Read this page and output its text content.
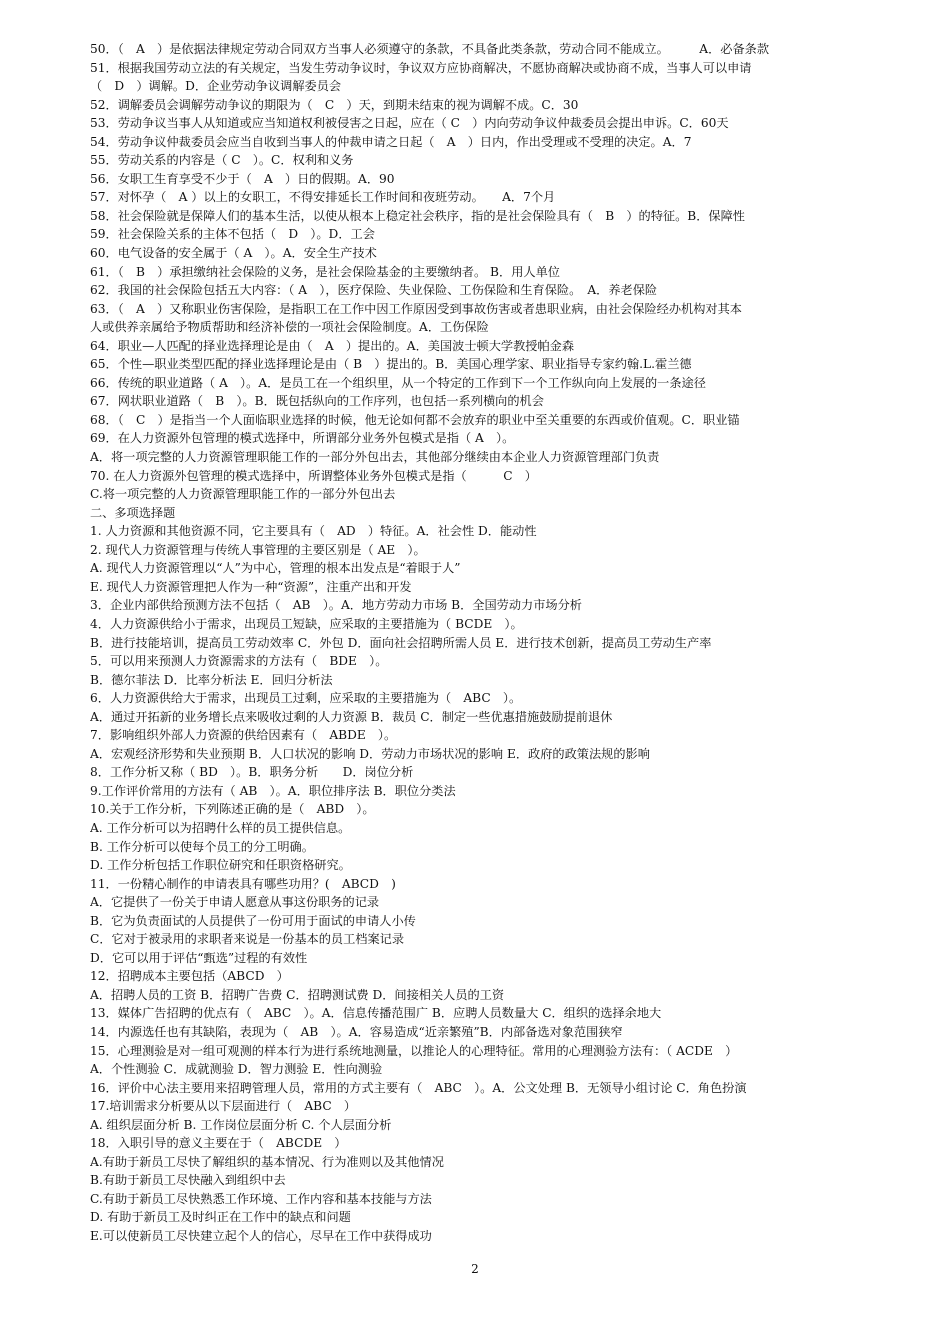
50．（　A　）是依据法律规定劳动合同双方当事人必须遵守的条款，不具备此类条款，劳动合同不能成立。　　　A．必备条款
51．根据我国劳动立法的有关规定，当发生劳动争议时，争议双方应协商解决，不愿协商解决或协商不成，当事人可以申请
（　D　）调解。D．企业劳动争议调解委员会
52．调解委员会调解劳动争议的期限为（　C　）天，到期未结束的视为调解不成。C．30
53．劳动争议当事人从知道或应当知道权利被侵害之日起，应在（ C　）内向劳动争议仲裁委员会提出申诉。C．60天
54．劳动争议仲裁委员会应当自收到当事人的仲裁申请之日起（　A　）日内，作出受理或不受理的决定。A．7
55．劳动关系的内容是（ C　）。C．权利和义务
56．女职工生育享受不少于（　A　）日的假期。A．90
57．对怀孕（　A ）以上的女职工，不得安排延长工作时间和夜班劳动。　　A．7个月
58．社会保险就是保障人们的基本生活，以使从根本上稳定社会秩序，指的是社会保险具有（　B　）的特征。B．保障性
59．社会保险关系的主体不包括（　D　）。D．工会
60．电气设备的安全属于（ A　）。A．安全生产技术
61．（　B　）承担缴纳社会保险的义务，是社会保险基金的主要缴纳者。 B．用人单位
62．我国的社会保险包括五大内容：（ A　），医疗保险、失业保险、工伤保险和生育保险。　A．养老保险
63．（　A　）又称职业伤害保险，是指职工在工作中因工作原因受到事故伤害或者患职业病，由社会保险经办机构对其本
人或供养亲属给予物质帮助和经济补偿的一项社会保险制度。A．工伤保险
64．职业—人匹配的择业选择理论是由（　A　）提出的。A．美国波士顿大学教授帕金森
65．个性—职业类型匹配的择业选择理论是由（ B　）提出的。B．美国心理学家、职业指导专家约翰.L.霍兰德
66．传统的职业道路（ A　）。A．是员工在一个组织里，从一个特定的工作到下一个工作纵向向上发展的一条途径
67．网状职业道路（　B　）。B．既包括纵向的工作序列，也包括一系列横向的机会
68．（　C　）是指当一个人面临职业选择的时候，他无论如何都不会放弃的职业中至关重要的东西或价值观。C．职业锚
69．在人力资源外包管理的模式选择中，所谓部分业务外包模式是指（ A　）。
A．将一项完整的人力资源管理职能工作的一部分外包出去，其他部分继续由本企业人力资源管理部门负责
70. 在人力资源外包管理的模式选择中，所谓整体业务外包模式是指（　　　C　）
C.将一项完整的人力资源管理职能工作的一部分外包出去
二、多项选择题
1. 人力资源和其他资源不同，它主要具有（　AD　）特征。A．社会性 D．能动性
2. 现代人力资源管理与传统人事管理的主要区别是（ AE　）。
A. 现代人力资源管理以“人”为中心，管理的根本出发点是“着眼于人”
E. 现代人力资源管理把人作为一种“资源”，注重产出和开发
3．企业内部供给预测方法不包括（　AB　）。A．地方劳动力市场 B．全国劳动力市场分析
4．人力资源供给小于需求，出现员工短缺，应采取的主要措施为（ BCDE　）。
B．进行技能培训，提高员工劳动效率 C．外包 D．面向社会招聘所需人员 E．进行技术创新，提高员工劳动生产率
5．可以用来预测人力资源需求的方法有（　BDE　）。
B．德尔菲法 D．比率分析法 E．回归分析法
6．人力资源供给大于需求，出现员工过剩，应采取的主要措施为（　ABC　）。
A．通过开拓新的业务增长点来吸收过剩的人力资源 B．裁员 C．制定一些优惠措施鼓励提前退休
7．影响组织外部人力资源的供给因素有（　ABDE　）。
A．宏观经济形势和失业预期 B．人口状况的影响 D．劳动力市场状况的影响 E．政府的政策法规的影响
8．工作分析又称（ BD　）。B．职务分析　　D．岗位分析
9.工作评价常用的方法有（ AB　）。A．职位排序法 B．职位分类法
10.关于工作分析，下列陈述正确的是（　ABD　）。
A. 工作分析可以为招聘什么样的员工提供信息。
B. 工作分析可以使每个员工的分工明确。
D. 工作分析包括工作职位研究和任职资格研究。
11．一份精心制作的申请表具有哪些功用？(　ABCD　)
A．它提供了一份关于申请人愿意从事这份职务的记录
B．它为负责面试的人员提供了一份可用于面试的申请人小传
C．它对于被录用的求职者来说是一份基本的员工档案记录
D．它可以用于评估“甄选”过程的有效性
12．招聘成本主要包括（ABCD　）
A．招聘人员的工资 B．招聘广告费 C．招聘测试费 D．间接相关人员的工资
13．媒体广告招聘的优点有（　ABC　）。A．信息传播范围广 B．应聘人员数量大 C．组织的选择余地大
14．内源选任也有其缺陷，表现为（　AB　）。A．容易造成“近亲繁殖”B．内部备选对象范围狭窄
15．心理测验是对一组可观测的样本行为进行系统地测量，以推论人的心理特征。常用的心理测验方法有：（ ACDE　）
A．个性测验 C．成就测验 D．智力测验 E．性向测验
16．评价中心法主要用来招聘管理人员，常用的方式主要有（　ABC　）。A．公文处理 B．无领导小组讨论 C．角色扮演
17.培训需求分析要从以下层面进行（　ABC　）
A. 组织层面分析 B. 工作岗位层面分析 C. 个人层面分析
18．入职引导的意义主要在于（　ABCDE　）
A.有助于新员工尽快了解组织的基本情况、行为准则以及其他情况
B.有助于新员工尽快融入到组织中去
C.有助于新员工尽快熟悉工作环境、工作内容和基本技能与方法
D. 有助于新员工及时纠正在工作中的缺点和问题
E.可以使新员工尽快建立起个人的信心，尽早在工作中获得成功
2
